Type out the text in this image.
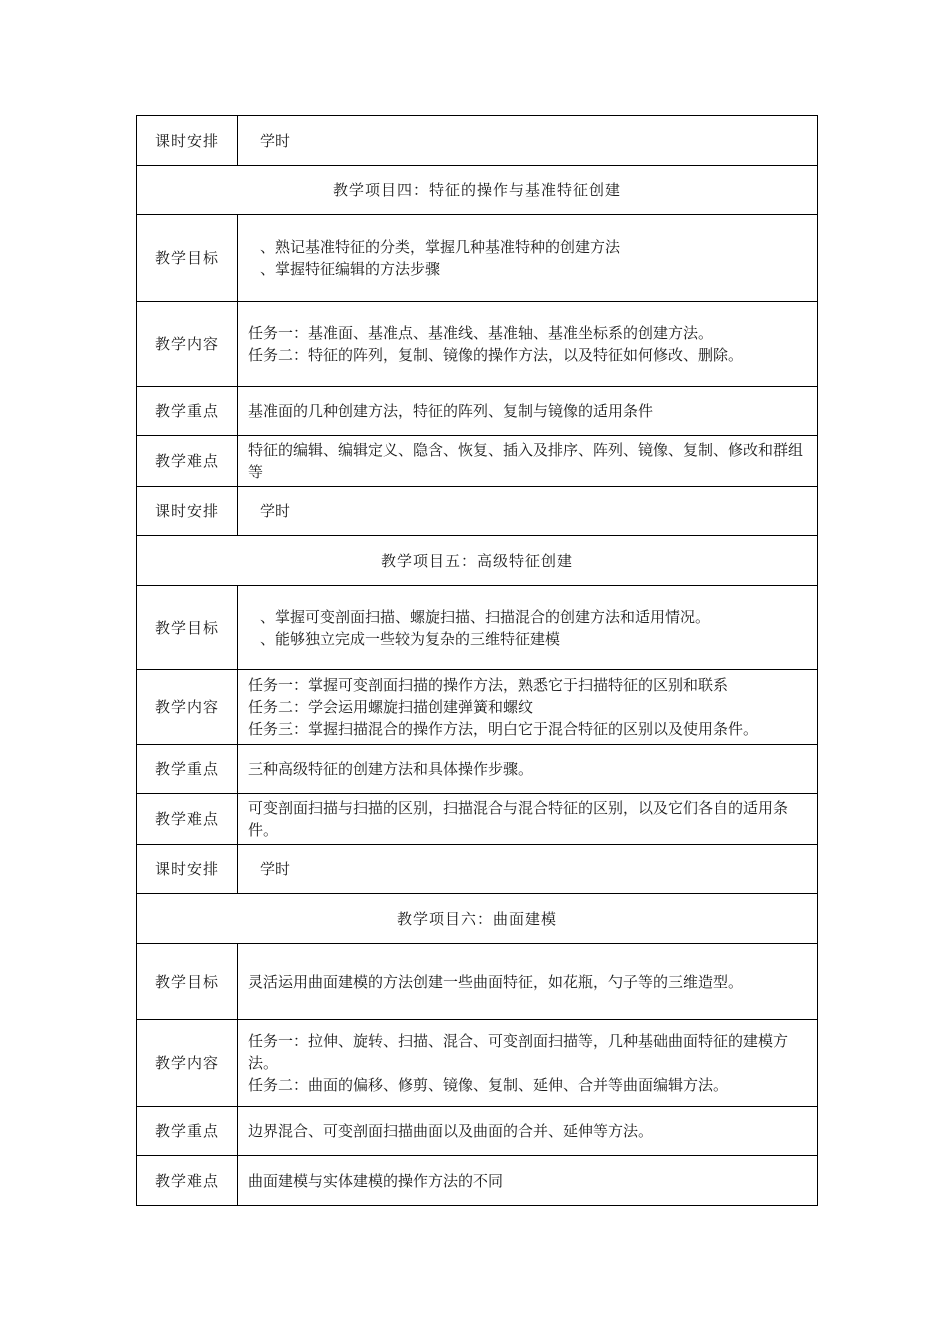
课时安排	学时

教学项目四：特征的操作与基准特征创建	
教学目标	、熟记基准特征的分类，掌握几种基准特种的创建方法
、掌握特征编辑的方法步骤

教学内容	任务一：基准面、基准点、基准线、基准轴、基准坐标系的创建方法。
任务二：特征的阵列，复制、镜像的操作方法，以及特征如何修改、删除。

教学重点	基准面的几种创建方法，特征的阵列、复制与镜像的适用条件

教学难点	特征的编辑、编辑定义、隐含、恢复、插入及排序、阵列、镜像、复制、修改和群组等

课时安排	学时

教学项目五：高级特征创建	
教学目标	、掌握可变剖面扫描、螺旋扫描、扫描混合的创建方法和适用情况。
、能够独立完成一些较为复杂的三维特征建模

教学内容	任务一：掌握可变剖面扫描的操作方法，熟悉它于扫描特征的区别和联系
任务二：学会运用螺旋扫描创建弹簧和螺纹
任务三：掌握扫描混合的操作方法，明白它于混合特征的区别以及使用条件。

教学重点	三种高级特征的创建方法和具体操作步骤。

教学难点	可变剖面扫描与扫描的区别，扫描混合与混合特征的区别，以及它们各自的适用条件。

课时安排	学时

教学项目六：曲面建模	
教学目标	灵活运用曲面建模的方法创建一些曲面特征，如花瓶，勺子等的三维造型。

教学内容	任务一：拉伸、旋转、扫描、混合、可变剖面扫描等，几种基础曲面特征的建模方法。
任务二：曲面的偏移、修剪、镜像、复制、延伸、合并等曲面编辑方法。

教学重点	边界混合、可变剖面扫描曲面以及曲面的合并、延伸等方法。

教学难点	曲面建模与实体建模的操作方法的不同
